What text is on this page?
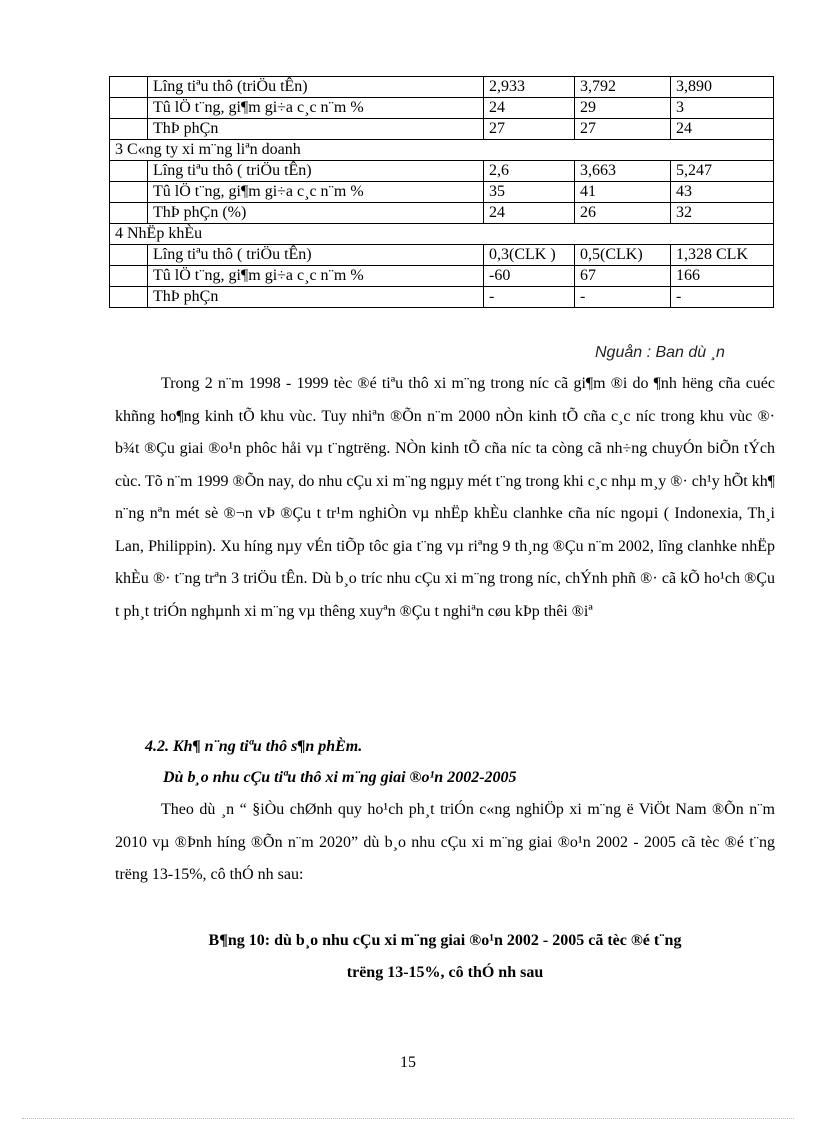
	Lîng tiªu thô (triÖu tÊn)	2,933	3,792	3,890
	Tû lÖ t¨ng, gi¶m gi÷a c¸c n¨m %	24	29	3
	ThÞ phÇn	27	27	24
3 C«ng ty xi m¨ng liªn doanh				
	Lîng tiªu thô ( triÖu tÊn)	2,6	3,663	5,247
	Tû lÖ t¨ng, gi¶m gi÷a c¸c n¨m %	35	41	43
	ThÞ phÇn (%)	24	26	32
4 NhËp khÈu				
	Lîng tiªu thô ( triÖu tÊn)	0,3(CLK )	0,5(CLK)	1,328 CLK
	Tû lÖ t¨ng, gi¶m gi÷a c¸c n¨m %	-60	67	166
	ThÞ phÇn	-	-	-
Nguån : Ban dù ¸n
Trong 2 n¨m 1998 - 1999 tèc ®é tiªu thô xi m¨ng trong níc cã gi¶m ®i do ¶nh hëng cña cuéc khñng ho¶ng kinh tÕ khu vùc. Tuy nhiªn ®Õn n¨m 2000 nÒn kinh tÕ cña c¸c níc trong khu vùc ®· b¾t ®Çu giai ®o¹n phôc håi vµ t¨ngtrëng. NÒn kinh tÕ cña níc ta còng cã nh÷ng chuyÓn biÕn tÝch cùc. Tõ n¨m 1999 ®Õn nay, do nhu cÇu xi m¨ng ngµy mét t¨ng trong khi c¸c nhµ m¸y ®· ch¹y hÕt kh¶ n¨ng nªn mét sè ®¬n vÞ ®Çu t tr¹m nghiÒn vµ nhËp khÈu clanhke cña níc ngoµi ( Indonexia, Th¸i Lan, Philippin). Xu híng nµy vÉn tiÕp tôc gia t¨ng vµ riªng 9 th¸ng ®Çu n¨m 2002, lîng clanhke nhËp khÈu ®· t¨ng trªn 3 triÖu tÊn. Dù b¸o tríc nhu cÇu xi m¨ng trong níc, chÝnh phñ ®· cã kÕ ho¹ch ®Çu t ph¸t triÓn nghµnh xi m¨ng vµ thêng xuyªn ®Çu t nghiªn cøu kÞp thêi ®iª
4.2. Kh¶ n¨ng tiªu thô s¶n phÈm.
Dù b¸o nhu cÇu tiªu thô xi m¨ng giai ®o¹n 2002-2005
Theo dù ¸n “ §iÒu chØnh quy ho¹ch ph¸t triÓn c«ng nghiÖp xi m¨ng ë ViÖt Nam ®Õn n¨m 2010 vµ ®Þnh híng ®Õn n¨m 2020” dù b¸o nhu cÇu xi m¨ng giai ®o¹n 2002 - 2005 cã tèc ®é t¨ng trëng 13-15%, cô thÓ nh sau:
B¶ng 10: dù b¸o nhu cÇu xi m¨ng giai ®o¹n 2002 - 2005 cã tèc ®é t¨ng
trëng 13-15%, cô thÓ nh sau
15
